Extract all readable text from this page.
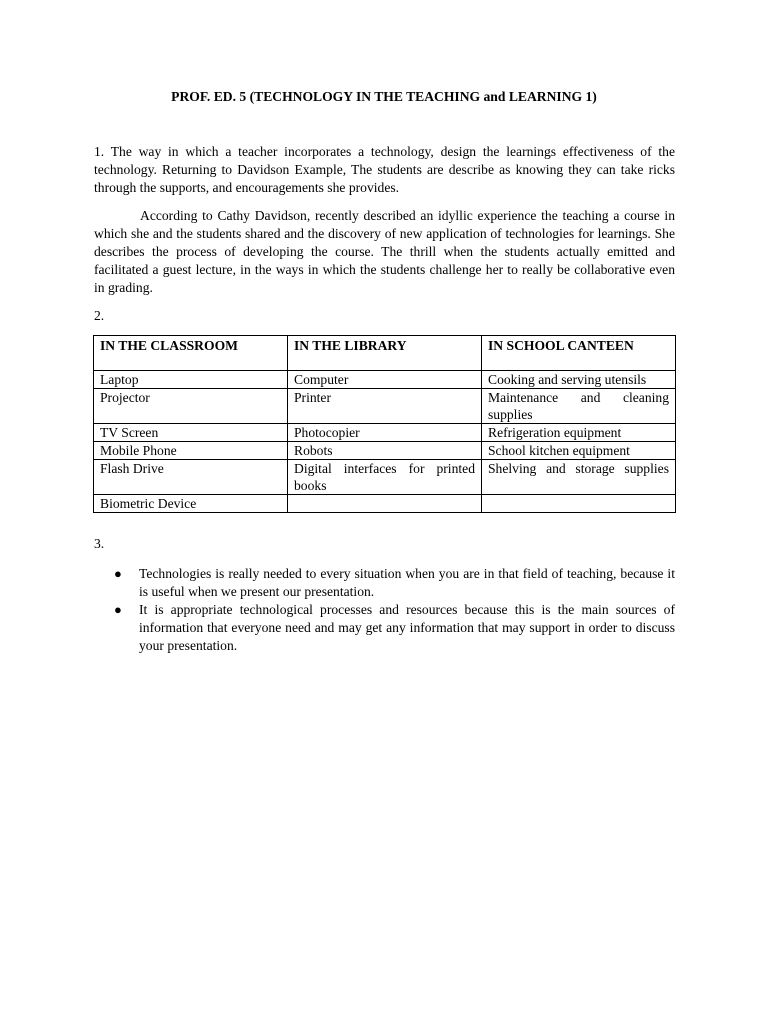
PROF. ED. 5 (TECHNOLOGY IN THE TEACHING and LEARNING 1)

1. The way in which a teacher incorporates a technology, design the learnings effectiveness of the technology. Returning to Davidson Example, The students are describe as knowing they can take ricks through the supports, and encouragements she provides.

According to Cathy Davidson, recently described an idyllic experience the teaching a course in which she and the students shared and the discovery of new application of technologies for learnings. She describes the process of developing the course. The thrill when the students actually emitted and facilitated a guest lecture, in the ways in which the students challenge her to really be collaborative even in grading.

2.

IN THE CLASSROOM	IN THE LIBRARY	IN SCHOOL CANTEEN
Laptop	Computer	Cooking and serving utensils
Projector	Printer	Maintenance and cleaning supplies
TV Screen	Photocopier	Refrigeration equipment
Mobile Phone	Robots	School kitchen equipment
Flash Drive	Digital interfaces for printed books	Shelving and storage supplies
Biometric Device		

3.

● Technologies is really needed to every situation when you are in that field of teaching, because it is useful when we present our presentation.
● It is appropriate technological processes and resources because this is the main sources of information that everyone need and may get any information that may support in order to discuss your presentation.
